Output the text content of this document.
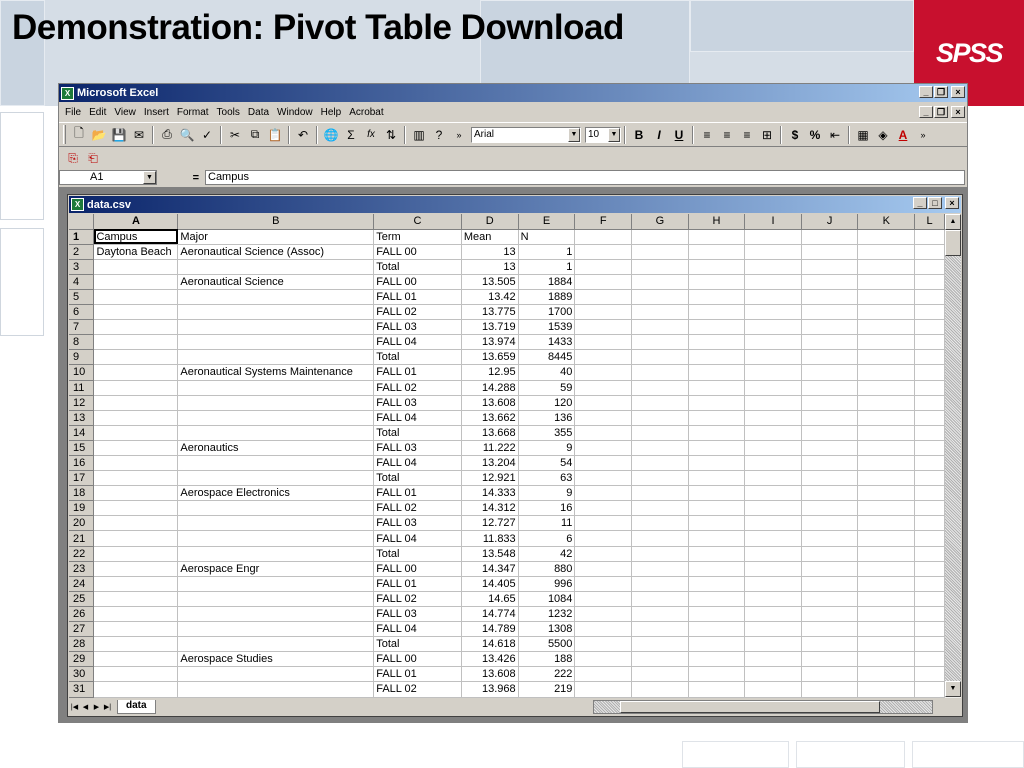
Demonstration: Pivot Table Download
SPSS
X Microsoft Excel	_ ❐	×
File Edit View Insert Format Tools Data Window Help Acrobat	_ ❐	×
🗋 📂 💾 ✉	⎙ 🔍 ✓	✂ ⧉ 📋	↶	🌐 Σ	fx ⇅	▥ ?	»	Arial	▼ 10	▼	B	I	U	≡	≡	≡ ⊞	$ % ⇤	▦ ◈ A	»
⎘ ⎗
A1	▼	= Campus
X data.csv	_	□	×
	A	B	C	D	E	F	G	H	I	J	K	L
1	Campus	Major	Term	Mean	N							
2	Daytona Beach	Aeronautical Science (Assoc)	FALL 00	13	1							
3			Total	13	1							
4		Aeronautical Science	FALL 00	13.505	1884							
5			FALL 01	13.42	1889							
6			FALL 02	13.775	1700							
7			FALL 03	13.719	1539							
8			FALL 04	13.974	1433							
9			Total	13.659	8445							
10		Aeronautical Systems Maintenance	FALL 01	12.95	40							
11			FALL 02	14.288	59							
12			FALL 03	13.608	120							
13			FALL 04	13.662	136							
14			Total	13.668	355							
15		Aeronautics	FALL 03	11.222	9							
16			FALL 04	13.204	54							
17			Total	12.921	63							
18		Aerospace Electronics	FALL 01	14.333	9							
19			FALL 02	14.312	16							
20			FALL 03	12.727	11							
21			FALL 04	11.833	6							
22			Total	13.548	42							
23		Aerospace Engr	FALL 00	14.347	880							
24			FALL 01	14.405	996							
25			FALL 02	14.65	1084							
26			FALL 03	14.774	1232							
27			FALL 04	14.789	1308							
28			Total	14.618	5500							
29		Aerospace Studies	FALL 00	13.426	188							
30			FALL 01	13.608	222							
31			FALL 02	13.968	219							
▲
▼
|◀ ◀ ▶ ▶|	data
